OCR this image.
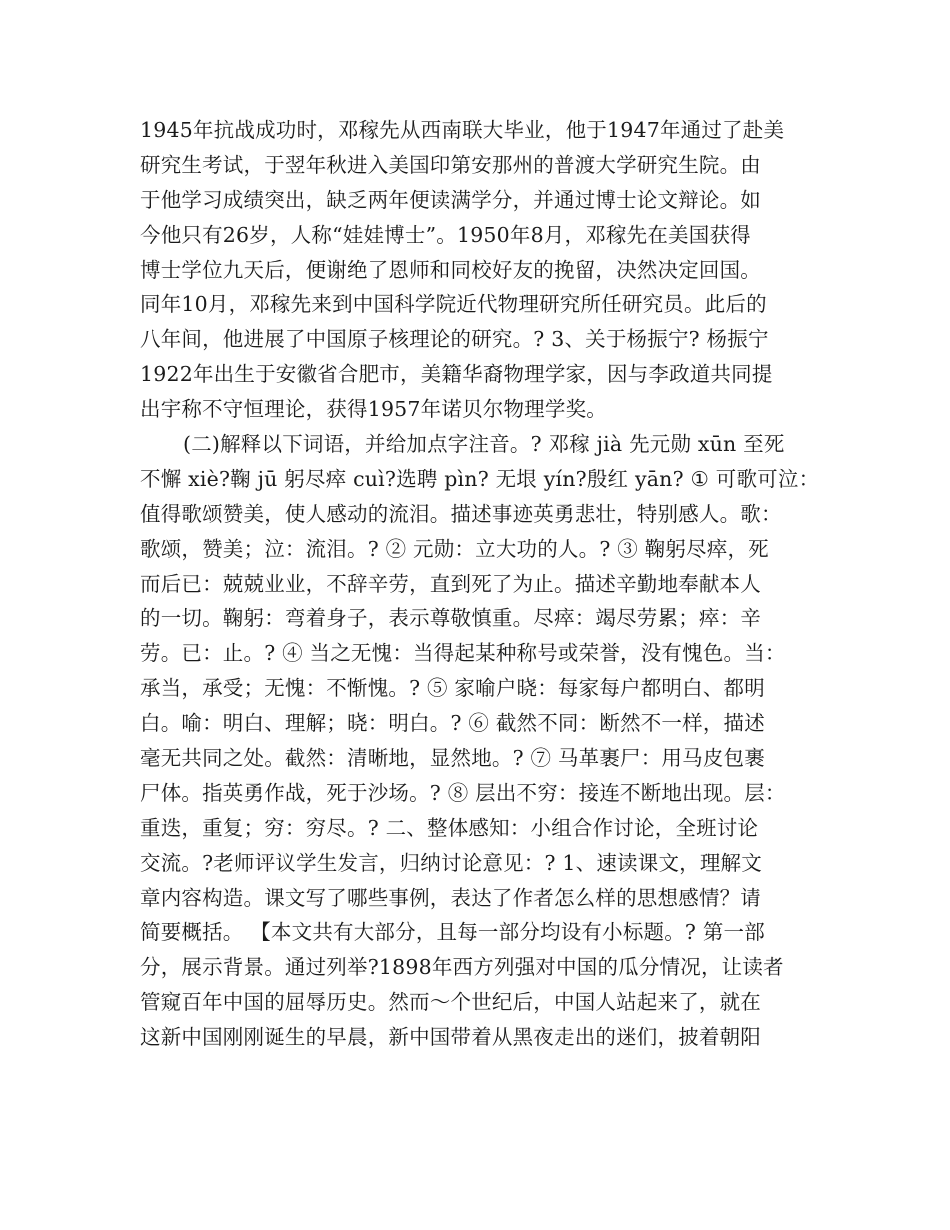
1945年抗战成功时，邓稼先从西南联大毕业，他于1947年通过了赴美
研究生考试，于翌年秋进入美国印第安那州的普渡大学研究生院。由
于他学习成绩突出，缺乏两年便读满学分，并通过博士论文辩论。如
今他只有26岁，人称“娃娃博士”。1950年8月，邓稼先在美国获得
博士学位九天后，便谢绝了恩师和同校好友的挽留，决然决定回国。
同年10月，邓稼先来到中国科学院近代物理研究所任研究员。此后的
八年间，他进展了中国原子核理论的研究。? 3、关于杨振宁? 杨振宁
1922年出生于安徽省合肥市，美籍华裔物理学家，因与李政道共同提
出宇称不守恒理论，获得1957年诺贝尔物理学奖。
(二)解释以下词语，并给加点字注音。? 邓稼 jià 先元勋 xūn 至死
不懈 xiè?鞠 jū 躬尽瘁 cuì?选聘 pìn? 无垠 yín?殷红 yān? ① 可歌可泣：
值得歌颂赞美，使人感动的流泪。描述事迹英勇悲壮，特别感人。歌：
歌颂，赞美；泣：流泪。? ② 元勋：立大功的人。? ③ 鞠躬尽瘁，死
而后已：兢兢业业，不辞辛劳，直到死了为止。描述辛勤地奉献本人
的一切。鞠躬：弯着身子，表示尊敬慎重。尽瘁：竭尽劳累；瘁：辛
劳。已：止。? ④ 当之无愧：当得起某种称号或荣誉，没有愧色。当：
承当，承受；无愧：不惭愧。? ⑤ 家喻户晓：每家每户都明白、都明
白。喻：明白、理解；晓：明白。? ⑥ 截然不同：断然不一样，描述
毫无共同之处。截然：清晰地，显然地。? ⑦ 马革裹尸：用马皮包裹
尸体。指英勇作战，死于沙场。? ⑧ 层出不穷：接连不断地出现。层：
重迭，重复；穷：穷尽。? 二、整体感知：小组合作讨论，全班讨论
交流。?老师评议学生发言，归纳讨论意见：? 1、速读课文，理解文
章内容构造。课文写了哪些事例，表达了作者怎么样的思想感情？请
简要概括。 【本文共有大部分，且每一部分均设有小标题。? 第一部
分，展示背景。通过列举?1898年西方列强对中国的瓜分情况，让读者
管窥百年中国的屈辱历史。然而～个世纪后，中国人站起来了，就在
这新中国刚刚诞生的早晨，新中国带着从黑夜走出的迷们，披着朝阳
